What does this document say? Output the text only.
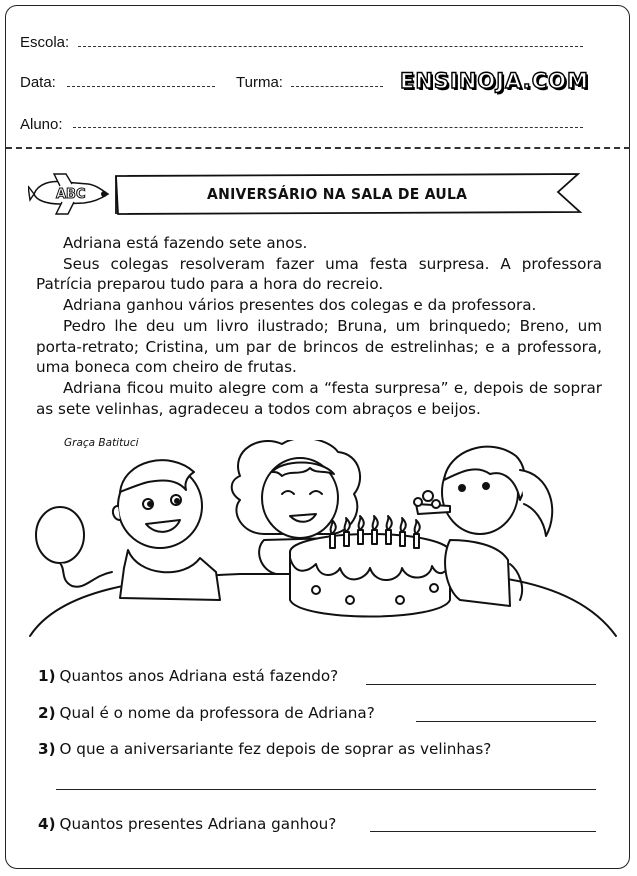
Escola:
Data:	Turma:	ENSINOJA.COM
Aluno:
ABC	ANIVERSÁRIO NA SALA DE AULA

Adriana está fazendo sete anos.

Seus colegas resolveram fazer uma festa surpresa. A professora Patrícia preparou tudo para a hora do recreio.

Adriana ganhou vários presentes dos colegas e da professora.

Pedro lhe deu um livro ilustrado; Bruna, um brinquedo; Breno, um porta-retrato; Cristina, um par de brincos de estrelinhas; e a professora, uma boneca com cheiro de frutas.

Adriana ficou muito alegre com a “festa surpresa” e, depois de soprar as sete velinhas, agradeceu a todos com abraços e beijos.

Graça Batituci
1) Quantos anos Adriana está fazendo?
2) Qual é o nome da professora de Adriana?
3) O que a aniversariante fez depois de soprar as velinhas?
4) Quantos presentes Adriana ganhou?
